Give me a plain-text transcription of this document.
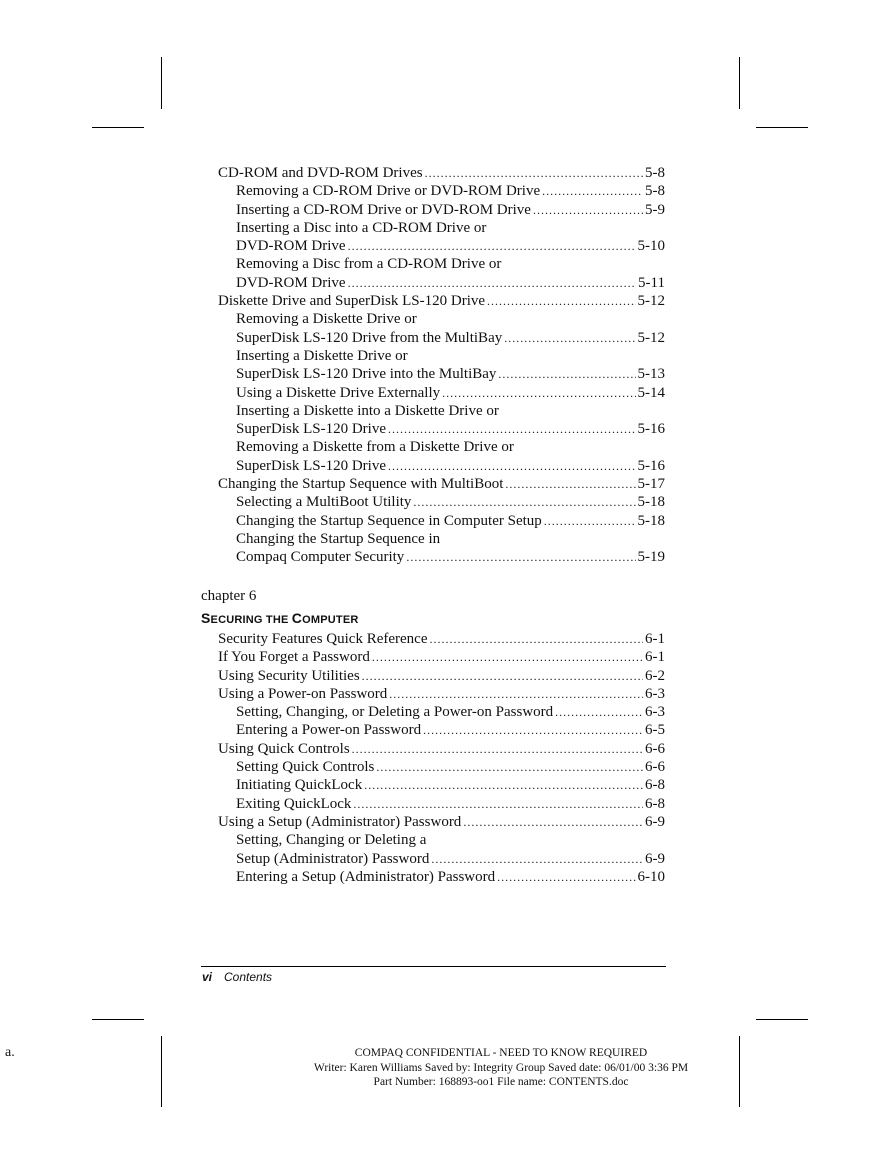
CD-ROM and DVD-ROM Drives .....	5-8
Removing a CD-ROM Drive or DVD-ROM Drive .....	5-8
Inserting a CD-ROM Drive or DVD-ROM Drive .....	5-9
Inserting a Disc into a CD-ROM Drive or
DVD-ROM Drive .....	5-10
Removing a Disc from a CD-ROM Drive or
DVD-ROM Drive .....	5-11
Diskette Drive and SuperDisk LS-120 Drive .....	5-12
Removing a Diskette Drive or
SuperDisk LS-120 Drive from the MultiBay .....	5-12
Inserting a Diskette Drive or
SuperDisk LS-120 Drive into the MultiBay .....	5-13
Using a Diskette Drive Externally .....	5-14
Inserting a Diskette into a Diskette Drive or
SuperDisk LS-120 Drive .....	5-16
Removing a Diskette from a Diskette Drive or
SuperDisk LS-120 Drive .....	5-16
Changing the Startup Sequence with MultiBoot .....	5-17
Selecting a MultiBoot Utility .....	5-18
Changing the Startup Sequence in Computer Setup .....	5-18
Changing the Startup Sequence in
Compaq Computer Security .....	5-19
chapter 6
SECURING THE COMPUTER
Security Features Quick Reference .....	6-1
If You Forget a Password .....	6-1
Using Security Utilities .....	6-2
Using a Power-on Password .....	6-3
Setting, Changing, or Deleting a Power-on Password .....	6-3
Entering a Power-on Password .....	6-5
Using Quick Controls .....	6-6
Setting Quick Controls .....	6-6
Initiating QuickLock .....	6-8
Exiting QuickLock .....	6-8
Using a Setup (Administrator) Password .....	6-9
Setting, Changing or Deleting a
Setup (Administrator) Password .....	6-9
Entering a Setup (Administrator) Password .....	6-10
vi Contents
a.	COMPAQ CONFIDENTIAL - NEED TO KNOW REQUIRED
Writer: Karen Williams Saved by: Integrity Group Saved date: 06/01/00 3:36 PM
Part Number: 168893-oo1 File name: CONTENTS.doc
